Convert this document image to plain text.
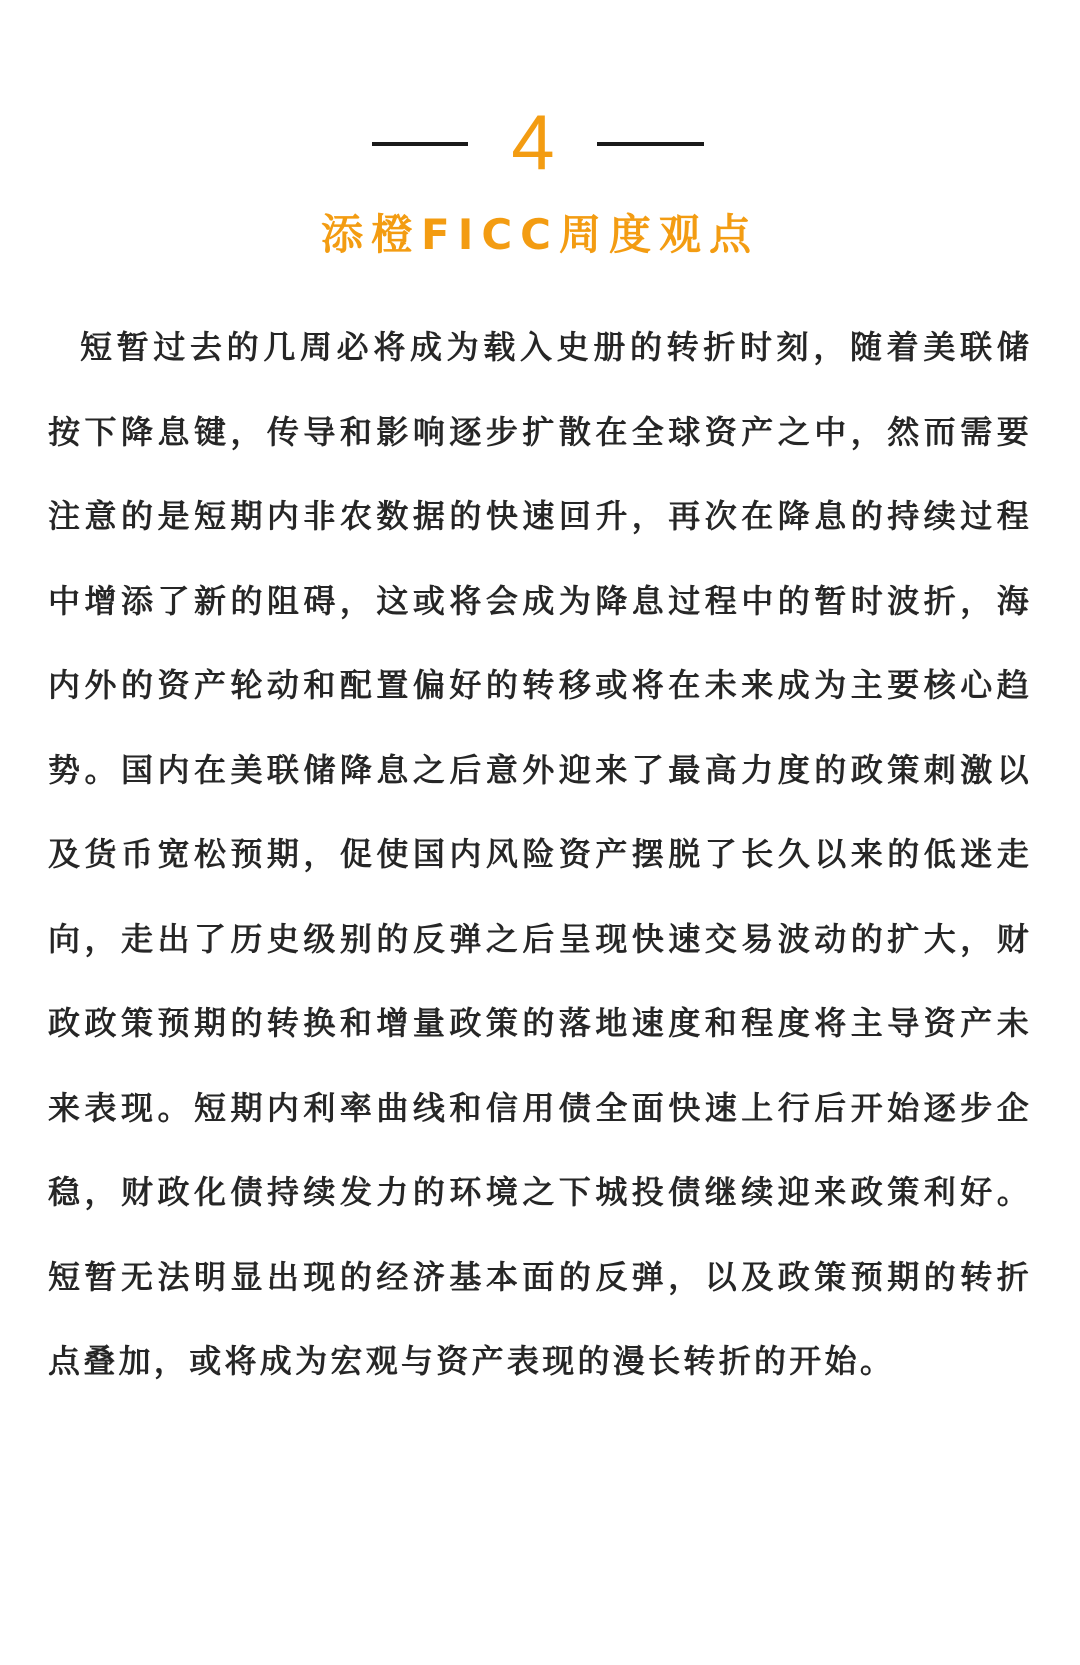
4
添橙FICC周度观点

短暂过去的几周必将成为载入史册的转折时刻，随着美联储按下降息键，传导和影响逐步扩散在全球资产之中，然而需要注意的是短期内非农数据的快速回升，再次在降息的持续过程中增添了新的阻碍，这或将会成为降息过程中的暂时波折，海内外的资产轮动和配置偏好的转移或将在未来成为主要核心趋势。国内在美联储降息之后意外迎来了最高力度的政策刺激以及货币宽松预期，促使国内风险资产摆脱了长久以来的低迷走向，走出了历史级别的反弹之后呈现快速交易波动的扩大，财政政策预期的转换和增量政策的落地速度和程度将主导资产未来表现。短期内利率曲线和信用债全面快速上行后开始逐步企稳，财政化债持续发力的环境之下城投债继续迎来政策利好。短暂无法明显出现的经济基本面的反弹，以及政策预期的转折点叠加，或将成为宏观与资产表现的漫长转折的开始。
